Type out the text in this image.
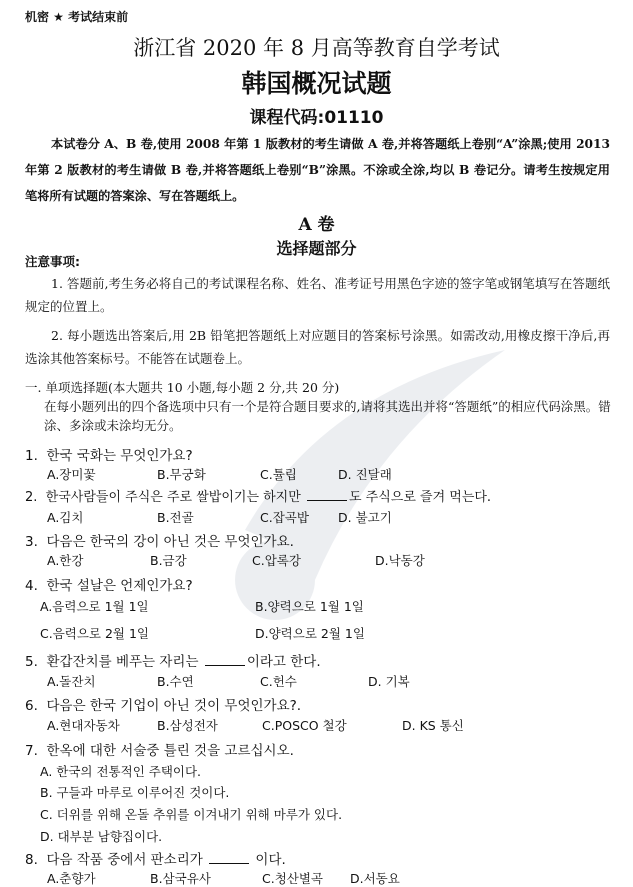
机密 ★ 考试结束前
浙江省 2020 年 8 月高等教育自学考试
韩国概况试题
课程代码:01110
本试卷分 A、B 卷,使用 2008 年第 1 版教材的考生请做 A 卷,并将答题纸上卷别“A”涂黑;使用 2013 年第 2 版教材的考生请做 B 卷,并将答题纸上卷别“B”涂黑。不涂或全涂,均以 B 卷记分。请考生按规定用笔将所有试题的答案涂、写在答题纸上。
A 卷
选择题部分
注意事项:
1. 答题前,考生务必将自己的考试课程名称、姓名、准考证号用黑色字迹的签字笔或钢笔填写在答题纸规定的位置上。
2. 每小题选出答案后,用 2B 铅笔把答题纸上对应题目的答案标号涂黑。如需改动,用橡皮擦干净后,再选涂其他答案标号。不能答在试题卷上。
一. 单项选择题(本大题共 10 小题,每小题 2 分,共 20 分)
在每小题列出的四个备选项中只有一个是符合题目要求的,请将其选出并将“答题纸”的相应代码涂黑。错涂、多涂或未涂均无分。
1. 한국 국화는 무엇인가요?
A.장미꽃	B.무궁화	C.튤립	D. 진달래
2. 한국사람들이 주식은 주로 쌀밥이기는 하지만	도 주식으로 즐겨 먹는다.
A.김치	B.전골	C.잡곡밥 D. 불고기
3. 다음은 한국의 강이 아닌 것은 무엇인가요.
A.한강	B.금강	C.압록강	D.낙동강
4. 한국 설날은 언제인가요?
A.음력으로 1월 1일	B.양력으로 1월 1일
C.음력으로 2월 1일	D.양력으로 2월 1일
5. 환갑잔치를 베푸는 자리는	이라고 한다.
A.돌잔치	B.수연	C.헌수	D. 기복
6. 다음은 한국 기업이 아닌 것이 무엇인가요?.
A.현대자동차	B.삼성전자	C.POSCO 철강	D. KS 통신
7. 한옥에 대한 서술중 틀린 것을 고르십시오.
A. 한국의 전통적인 주택이다.
B. 구들과 마루로 이루어진 것이다.
C. 더위를 위해 온돌 추위를 이겨내기 위해 마루가 있다.
D. 대부분 남향집이다.
8. 다음 작품 중에서 판소리가	이다.
A.춘향가	B.삼국유사	C.청산별곡 D.서동요
